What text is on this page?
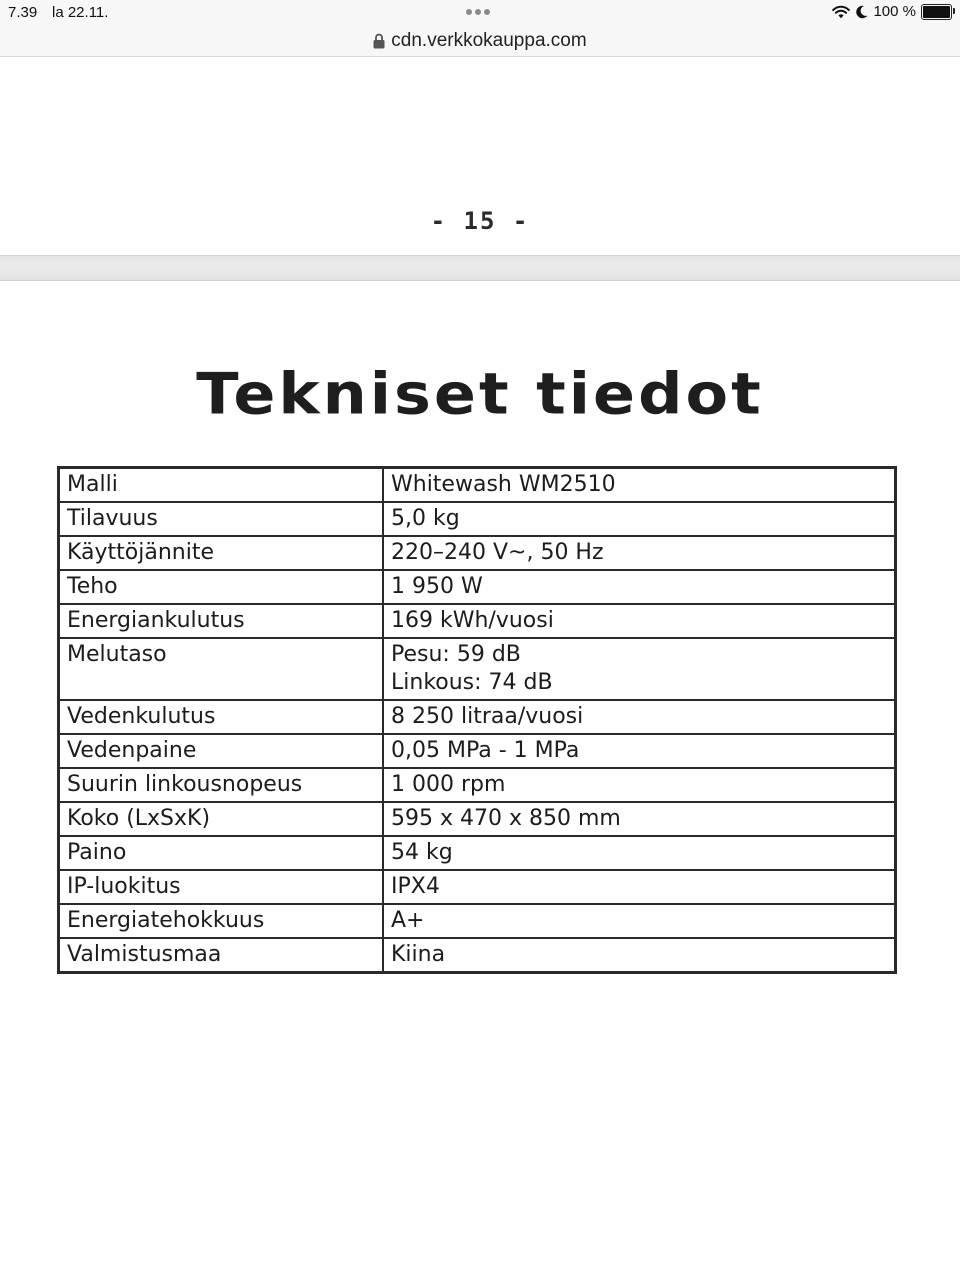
7.39 la 22.11.	100 %
cdn.verkkokauppa.com
- 15 -
Tekniset tiedot
Malli	Whitewash WM2510

Tilavuus	5,0 kg

Käyttöjännite	220–240 V~, 50 Hz

Teho	1 950 W

Energiankulutus	169 kWh/vuosi

Melutaso	Pesu: 59 dB
Linkous: 74 dB

Vedenkulutus	8 250 litraa/vuosi

Vedenpaine	0,05 MPa - 1 MPa

Suurin linkousnopeus	1 000 rpm

Koko (LxSxK)	595 x 470 x 850 mm

Paino	54 kg

IP-luokitus	IPX4

Energiatehokkuus	A+

Valmistusmaa	Kiina
